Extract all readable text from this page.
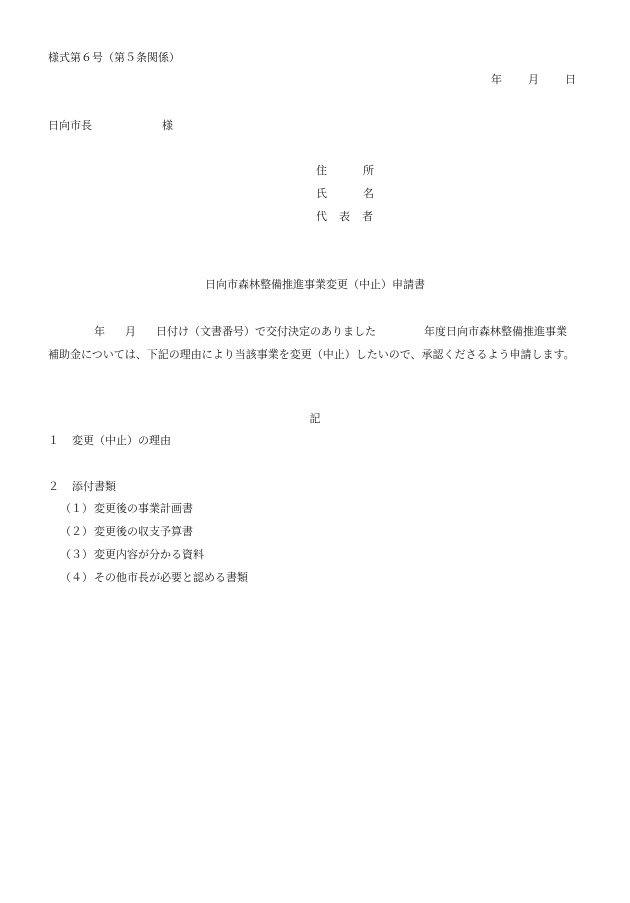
様式第６号（第５条関係）
年 月 日
日向市長	様
住	所
氏	名
代 表 者
日向市森林整備推進事業変更（中止）申請書
年 月 日付け（文書番号）で交付決定のありました	年度日向市森林整備推進事業補助金については、下記の理由により当該事業を変更（中止）したいので、承認くださるよう申請します。
記
１ 変更（中止）の理由
２ 添付書類
（１）変更後の事業計画書
（２）変更後の収支予算書
（３）変更内容が分かる資料
（４）その他市長が必要と認める書類
